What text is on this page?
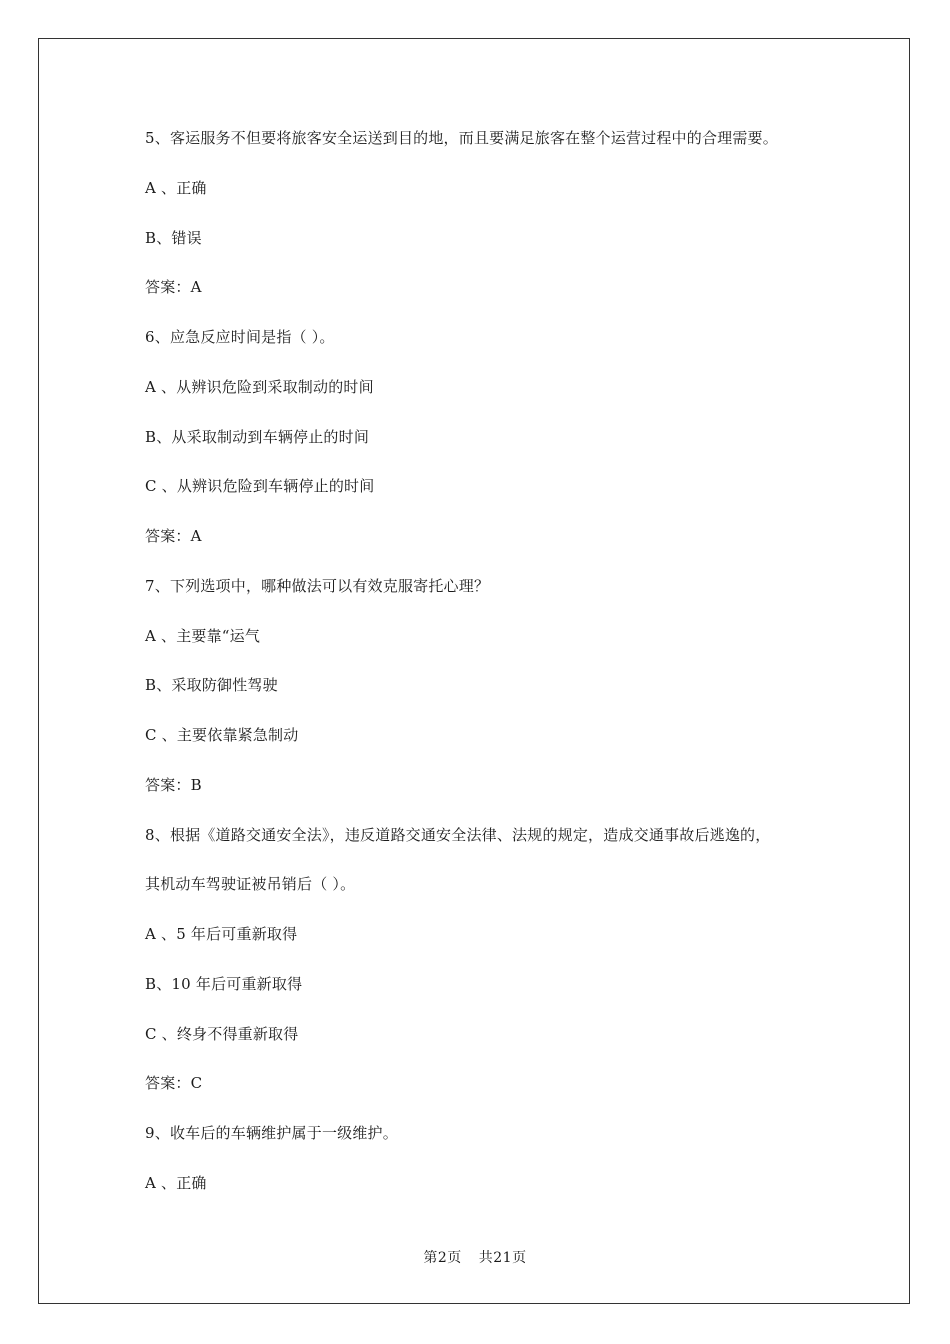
5、客运服务不但要将旅客安全运送到目的地，而且要满足旅客在整个运营过程中的合理需要。
A 、正确
B、错误
答案：A
6、应急反应时间是指（ ）。
A 、从辨识危险到采取制动的时间
B、从采取制动到车辆停止的时间
C 、从辨识危险到车辆停止的时间
答案：A
7、下列选项中，哪种做法可以有效克服寄托心理？
A 、主要靠“运气
B、采取防御性驾驶
C 、主要依靠紧急制动
答案：B
8、根据《道路交通安全法》，违反道路交通安全法律、法规的规定，造成交通事故后逃逸的，
其机动车驾驶证被吊销后（ ）。
A 、5 年后可重新取得
B、10 年后可重新取得
C 、终身不得重新取得
答案：C
9、收车后的车辆维护属于一级维护。
A 、正确
第2页 共21页
